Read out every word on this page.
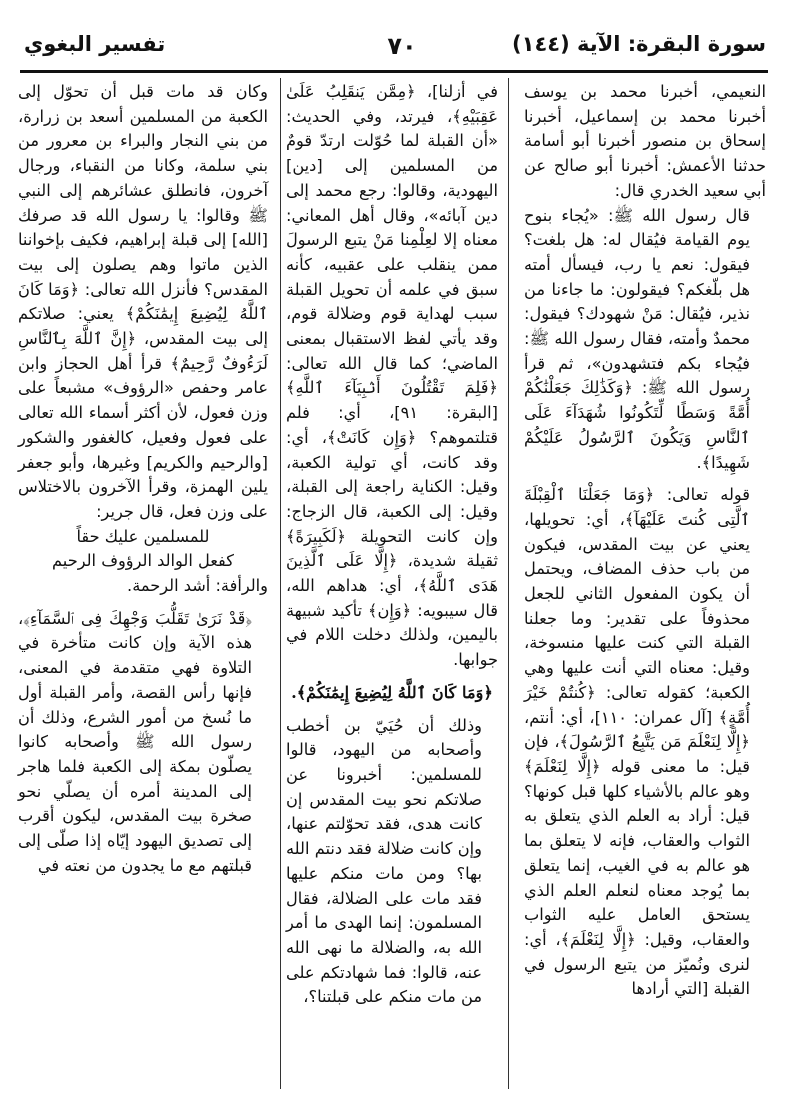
سورة البقرة: الآية (١٤٤)
٧٠
تفسير البغوي

النعيمي، أخبرنا محمد بن يوسف أخبرنا محمد بن إسماعيل، أخبرنا إسحاق بن منصور أخبرنا أبو أسامة حدثنا الأعمش: أخبرنا أبو صالح عن أبي سعيد الخدري قال:

قال رسول الله ﷺ: «يُجاء بنوح يوم القيامة فيُقال له: هل بلغت؟ فيقول: نعم يا رب، فيسأل أمته هل بلّغكم؟ فيقولون: ما جاءنا من نذير، فيُقال: مَنْ شهودك؟ فيقول: محمدٌ وأمته، فقال رسول الله ﷺ: فيُجاء بكم فتشهدون»، ثم قرأ رسول الله ﷺ: ﴿وَكَذَٰلِكَ جَعَلْنَٰكُمْ أُمَّةً وَسَطًا لِّتَكُونُوا شُهَدَآءَ عَلَى ٱلنَّاسِ وَيَكُونَ ٱلرَّسُولُ عَلَيْكُمْ شَهِيدًا﴾.

قوله تعالى: ﴿وَمَا جَعَلْنَا ٱلْقِبْلَةَ ٱلَّتِى كُنتَ عَلَيْهَآ﴾، أي: تحويلها، يعني عن بيت المقدس، فيكون من باب حذف المضاف، ويحتمل أن يكون المفعول الثاني للجعل محذوفاً على تقدير: وما جعلنا القبلة التي كنت عليها منسوخة، وقيل: معناه التي أنت عليها وهي الكعبة؛ كقوله تعالى: ﴿كُنتُمْ خَيْرَ أُمَّةٍ﴾ [آل عمران: ١١٠]، أي: أنتم، ﴿إِلَّا لِنَعْلَمَ مَن يَتَّبِعُ ٱلرَّسُولَ﴾، فإن قيل: ما معنى قوله ﴿إِلَّا لِنَعْلَمَ﴾ وهو عالم بالأشياء كلها قبل كونها؟ قيل: أراد به العلم الذي يتعلق به الثواب والعقاب، فإنه لا يتعلق بما هو عالم به في الغيب، إنما يتعلق بما يُوجد معناه لنعلم العلم الذي يستحق العامل عليه الثواب والعقاب، وقيل: ﴿إِلَّا لِنَعْلَمَ﴾، أي: لنرى ونُميّز من يتبع الرسول في القبلة [التي أرادها

في أزلنا]، ﴿مِمَّن يَنقَلِبُ عَلَىٰ عَقِبَيْهِ﴾، فيرتد، وفي الحديث: «أن القبلة لما حُوّلت ارتدّ قومٌ من المسلمين إلى [دين] اليهودية، وقالوا: رجع محمد إلى دين آبائه»، وقال أهل المعاني: معناه إلا لعِلْمِنا مَنْ يتبع الرسولَ ممن ينقلب على عقبيه، كأنه سبق في علمه أن تحويل القبلة سبب لهداية قوم وضلالة قوم، وقد يأتي لفظ الاستقبال بمعنى الماضي؛ كما قال الله تعالى: ﴿فَلِمَ تَقْتُلُونَ أَنۢبِيَآءَ ٱللَّهِ﴾ [البقرة: ٩١]، أي: فلم قتلتموهم؟ ﴿وَإِن كَانَتْ﴾، أي: وقد كانت، أي تولية الكعبة، وقيل: الكناية راجعة إلى القبلة، وقيل: إلى الكعبة، قال الزجاج: وإن كانت التحويلة ﴿لَكَبِيرَةً﴾ ثقيلة شديدة، ﴿إِلَّا عَلَى ٱلَّذِينَ هَدَى ٱللَّهُ﴾، أي: هداهم الله، قال سيبويه: ﴿وَإِن﴾ تأكيد شبيهة باليمين، ولذلك دخلت اللام في جوابها.

﴿وَمَا كَانَ ٱللَّهُ لِيُضِيعَ إِيمَٰنَكُمْ﴾.

وذلك أن حُيَيّ بن أخطب وأصحابه من اليهود، قالوا للمسلمين: أخبرونا عن صلاتكم نحو بيت المقدس إن كانت هدى، فقد تحوّلتم عنها، وإن كانت ضلالة فقد دنتم الله بها؟ ومن مات منكم عليها فقد مات على الضلالة، فقال المسلمون: إنما الهدى ما أمر الله به، والضلالة ما نهى الله عنه، قالوا: فما شهادتكم على من مات منكم على قبلتنا؟،

وكان قد مات قبل أن تحوّل إلى الكعبة من المسلمين أسعد بن زرارة، من بني النجار والبراء بن معرور من بني سلمة، وكانا من النقباء، ورجال آخرون، فانطلق عشائرهم إلى النبي ﷺ وقالوا: يا رسول الله قد صرفك [الله] إلى قبلة إبراهيم، فكيف بإخواننا الذين ماتوا وهم يصلون إلى بيت المقدس؟ فأنزل الله تعالى: ﴿وَمَا كَانَ ٱللَّهُ لِيُضِيعَ إِيمَٰنَكُمْ﴾ يعني: صلاتكم إلى بيت المقدس، ﴿إِنَّ ٱللَّهَ بِٱلنَّاسِ لَرَءُوفٌ رَّحِيمٌ﴾ قرأ أهل الحجاز وابن عامر وحفص «الرؤوف» مشبعاً على وزن فعول، لأن أكثر أسماء الله تعالى على فعول وفعيل، كالغفور والشكور [والرحيم والكريم] وغيرها، وأبو جعفر يلين الهمزة، وقرأ الآخرون بالاختلاس على وزن فعل، قال جرير:

للمسلمين عليك حقاً

كفعل الوالد الرؤوف الرحيم

والرأفة: أشد الرحمة.

﴿قَدْ نَرَىٰ تَقَلُّبَ وَجْهِكَ فِى ٱلسَّمَآءِ﴾، هذه الآية وإن كانت متأخرة في التلاوة فهي متقدمة في المعنى، فإنها رأس القصة، وأمر القبلة أول ما نُسخ من أمور الشرع، وذلك أن رسول الله ﷺ وأصحابه كانوا يصلّون بمكة إلى الكعبة فلما هاجر إلى المدينة أمره أن يصلّي نحو صخرة بيت المقدس، ليكون أقرب إلى تصديق اليهود إيّاه إذا صلّى إلى قبلتهم مع ما يجدون من نعته في
